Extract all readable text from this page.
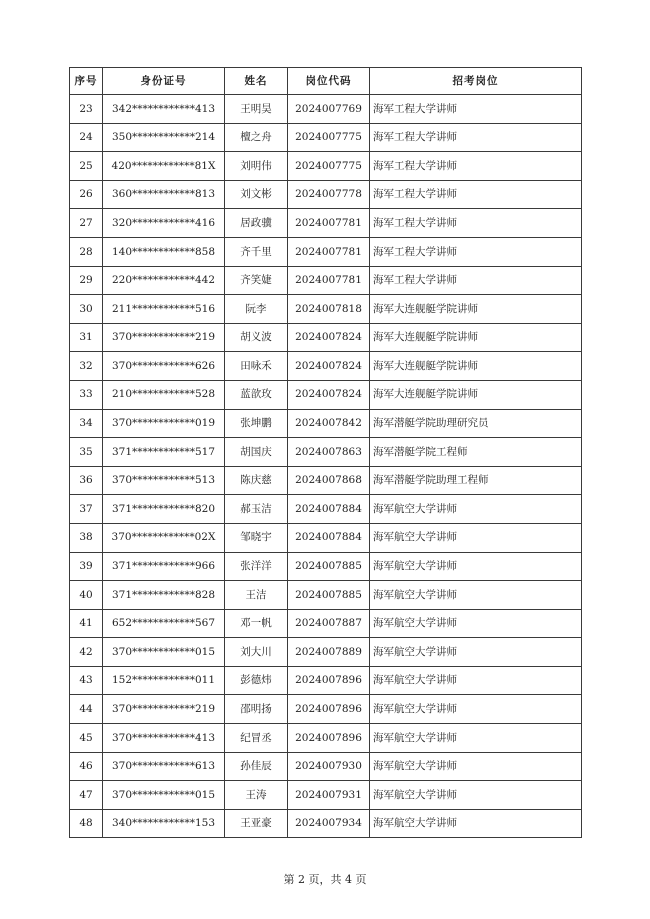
序号	身份证号	姓名	岗位代码	招考岗位
23	342************413	王明昊	2024007769	海军工程大学讲师
24	350************214	檀之舟	2024007775	海军工程大学讲师
25	420************81X	刘明伟	2024007775	海军工程大学讲师
26	360************813	刘文彬	2024007778	海军工程大学讲师
27	320************416	居政骥	2024007781	海军工程大学讲师
28	140************858	齐千里	2024007781	海军工程大学讲师
29	220************442	齐笑婕	2024007781	海军工程大学讲师
30	211************516	阮李	2024007818	海军大连舰艇学院讲师
31	370************219	胡义波	2024007824	海军大连舰艇学院讲师
32	370************626	田咏禾	2024007824	海军大连舰艇学院讲师
33	210************528	蓝歆玫	2024007824	海军大连舰艇学院讲师
34	370************019	张坤鹏	2024007842	海军潜艇学院助理研究员
35	371************517	胡国庆	2024007863	海军潜艇学院工程师
36	370************513	陈庆慈	2024007868	海军潜艇学院助理工程师
37	371************820	郝玉洁	2024007884	海军航空大学讲师
38	370************02X	邹晓宇	2024007884	海军航空大学讲师
39	371************966	张洋洋	2024007885	海军航空大学讲师
40	371************828	王洁	2024007885	海军航空大学讲师
41	652************567	邓一帆	2024007887	海军航空大学讲师
42	370************015	刘大川	2024007889	海军航空大学讲师
43	152************011	彭德炜	2024007896	海军航空大学讲师
44	370************219	邵明扬	2024007896	海军航空大学讲师
45	370************413	纪冒丞	2024007896	海军航空大学讲师
46	370************613	孙佳辰	2024007930	海军航空大学讲师
47	370************015	王涛	2024007931	海军航空大学讲师
48	340************153	王亚豪	2024007934	海军航空大学讲师
第 2 页，共 4 页
